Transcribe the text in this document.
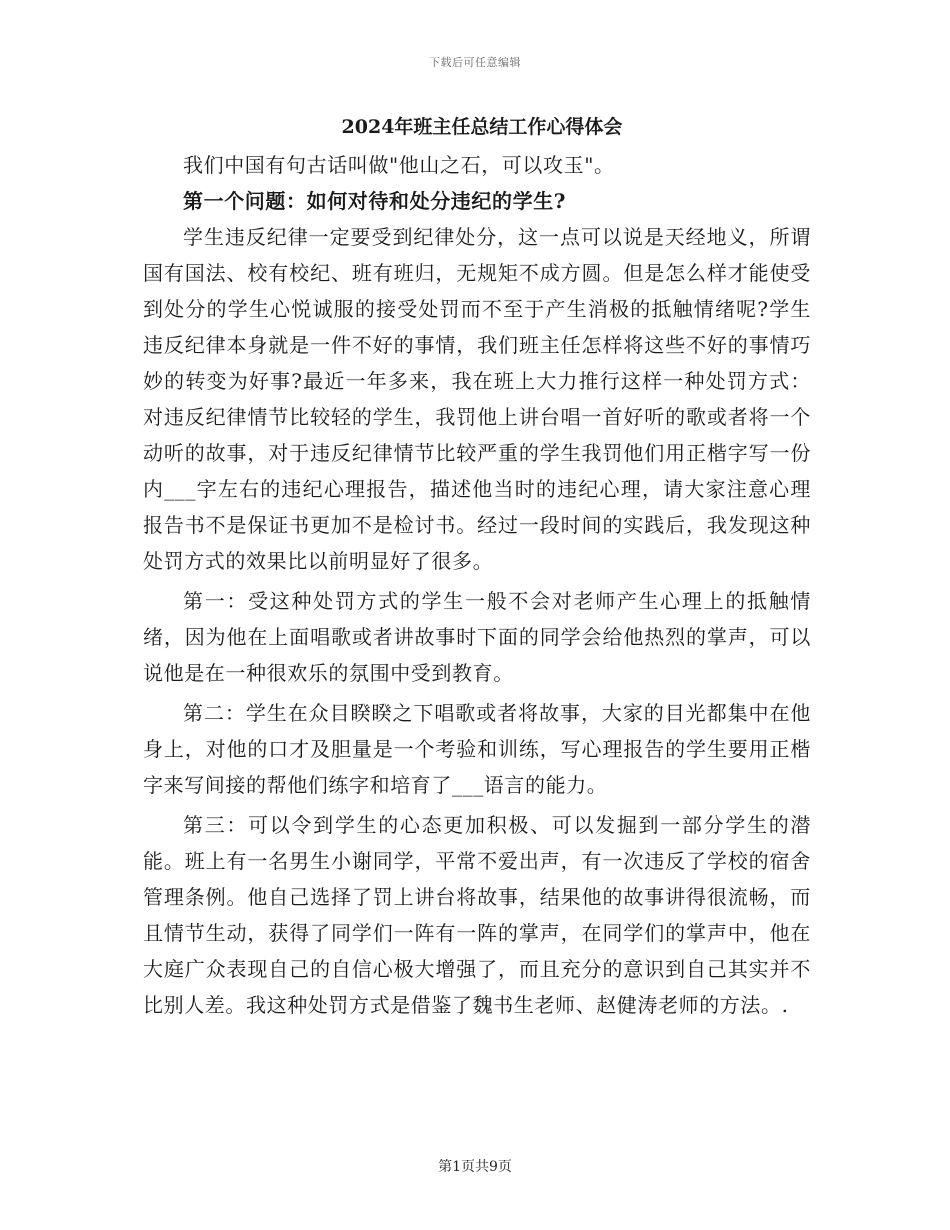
下载后可任意编辑
2024年班主任总结工作心得体会

我们中国有句古话叫做"他山之石，可以攻玉"。

第一个问题：如何对待和处分违纪的学生?

学生违反纪律一定要受到纪律处分，这一点可以说是天经地义，所谓国有国法、校有校纪、班有班归，无规矩不成方圆。但是怎么样才能使受到处分的学生心悦诚服的接受处罚而不至于产生消极的抵触情绪呢?学生违反纪律本身就是一件不好的事情，我们班主任怎样将这些不好的事情巧妙的转变为好事?最近一年多来，我在班上大力推行这样一种处罚方式：对违反纪律情节比较轻的学生，我罚他上讲台唱一首好听的歌或者将一个动听的故事，对于违反纪律情节比较严重的学生我罚他们用正楷字写一份内___字左右的违纪心理报告，描述他当时的违纪心理，请大家注意心理报告书不是保证书更加不是检讨书。经过一段时间的实践后，我发现这种处罚方式的效果比以前明显好了很多。

第一：受这种处罚方式的学生一般不会对老师产生心理上的抵触情绪，因为他在上面唱歌或者讲故事时下面的同学会给他热烈的掌声，可以说他是在一种很欢乐的氛围中受到教育。

第二：学生在众目睽睽之下唱歌或者将故事，大家的目光都集中在他身上，对他的口才及胆量是一个考验和训练，写心理报告的学生要用正楷字来写间接的帮他们练字和培育了___语言的能力。

第三：可以令到学生的心态更加积极、可以发掘到一部分学生的潜能。班上有一名男生小谢同学，平常不爱出声，有一次违反了学校的宿舍管理条例。他自己选择了罚上讲台将故事，结果他的故事讲得很流畅，而且情节生动，获得了同学们一阵有一阵的掌声，在同学们的掌声中，他在大庭广众表现自己的自信心极大增强了，而且充分的意识到自己其实并不比别人差。我这种处罚方式是借鉴了魏书生老师、赵健涛老师的方法。.

第1页共9页
